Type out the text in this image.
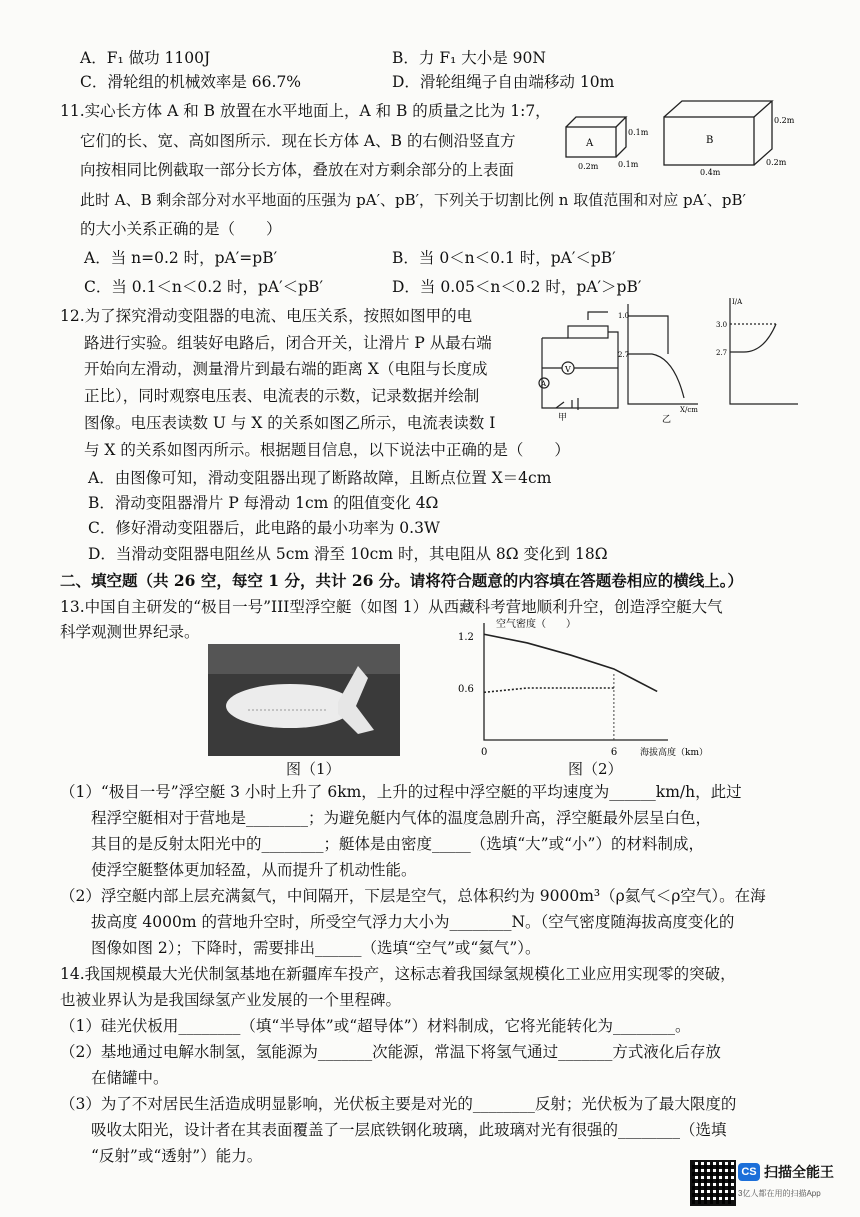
A．F₁ 做功 1100J	B．力 F₁ 大小是 90N
C．滑轮组的机械效率是 66.7%	D．滑轮组绳子自由端移动 10m
11.实心长方体 A 和 B 放置在水平地面上，A 和 B 的质量之比为 1:7，
它们的长、宽、高如图所示．现在长方体 A、B 的右侧沿竖直方
向按相同比例截取一部分长方体，叠放在对方剩余部分的上表面
此时 A、B 剩余部分对水平地面的压强为 pA′、pB′，下列关于切割比例 n 取值范围和对应 pA′、pB′
的大小关系正确的是（　　）
A．当 n=0.2 时，pA′=pB′	B．当 0＜n＜0.1 时，pA′＜pB′
C．当 0.1＜n＜0.2 时，pA′＜pB′	D．当 0.05＜n＜0.2 时，pA′＞pB′
A	B
0.1m
0.2m 0.1m
0.2m
0.4m
0.2m
12.为了探究滑动变阻器的电流、电压关系，按照如图甲的电
路进行实验。组装好电路后，闭合开关，让滑片 P 从最右端
开始向左滑动，测量滑片到最右端的距离 X（电阻与长度成
正比），同时观察电压表、电流表的示数，记录数据并绘制
图像。电压表读数 U 与 X 的关系如图乙所示，电流表读数 I
与 X 的关系如图丙所示。根据题目信息，以下说法中正确的是（　　）
A．由图像可知，滑动变阻器出现了断路故障，且断点位置 X＝4cm
B．滑动变阻器滑片 P 每滑动 1cm 的阻值变化 4Ω
C．修好滑动变阻器后，此电路的最小功率为 0.3W
D．当滑动变阻器电阻丝从 5cm 滑至 10cm 时，其电阻从 8Ω 变化到 18Ω
V
A
甲
1.0
2.7
X/cm
乙
I/A
3.0
2.7
二、填空题（共 26 空，每空 1 分，共计 26 分。请将符合题意的内容填在答题卷相应的横线上。）
13.中国自主研发的“极目一号”III型浮空艇（如图 1）从西藏科考营地顺利升空，创造浮空艇大气
科学观测世界纪录。
图（1）
空气密度（　　）
海拔高度（km）
1.2
0.6
0	6
图（2）
（1）“极目一号”浮空艇 3 小时上升了 6km，上升的过程中浮空艇的平均速度为______km/h，此过
　　程浮空艇相对于营地是________；为避免艇内气体的温度急剧升高，浮空艇最外层呈白色，
　　其目的是反射太阳光中的________；艇体是由密度_____（选填“大”或“小”）的材料制成，
　　使浮空艇整体更加轻盈，从而提升了机动性能。
（2）浮空艇内部上层充满氦气，中间隔开，下层是空气，总体积约为 9000m³（ρ氦气＜ρ空气）。在海
　　拔高度 4000m 的营地升空时，所受空气浮力大小为________N。（空气密度随海拔高度变化的
　　图像如图 2）；下降时，需要排出______（选填“空气”或“氦气”）。
14.我国规模最大光伏制氢基地在新疆库车投产，这标志着我国绿氢规模化工业应用实现零的突破，
也被业界认为是我国绿氢产业发展的一个里程碑。
（1）硅光伏板用________（填“半导体”或“超导体”）材料制成，它将光能转化为________。
（2）基地通过电解水制氢，氢能源为_______次能源，常温下将氢气通过_______方式液化后存放
　　在储罐中。
（3）为了不对居民生活造成明显影响，光伏板主要是对光的________反射；光伏板为了最大限度的
　　吸收太阳光，设计者在其表面覆盖了一层底铁钢化玻璃，此玻璃对光有很强的________（选填
　　“反射”或“透射”）能力。
CS 扫描全能王
3亿人都在用的扫描App
